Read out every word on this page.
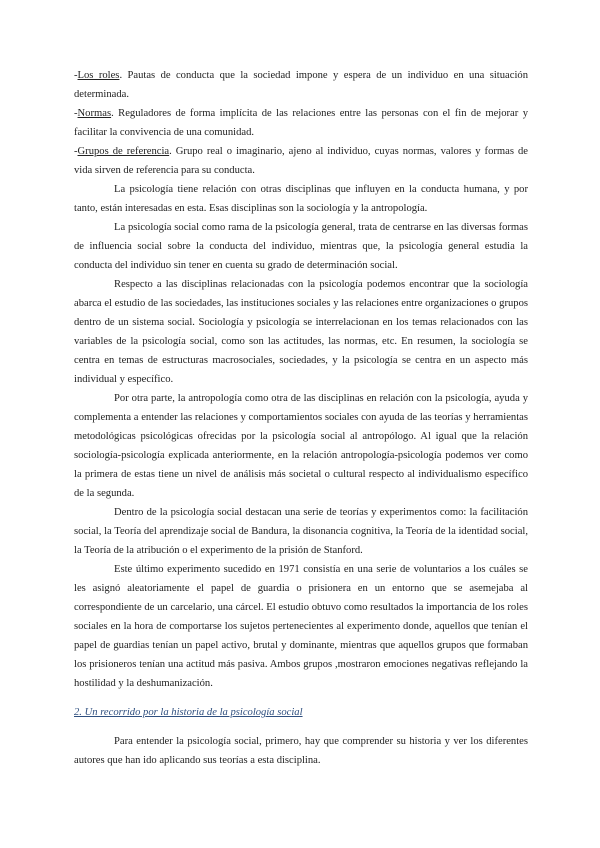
-Los roles. Pautas de conducta que la sociedad impone y espera de un individuo en una situación determinada.

-Normas. Reguladores de forma implícita de las relaciones entre las personas con el fin de mejorar y facilitar la convivencia de una comunidad.

-Grupos de referencia. Grupo real o imaginario, ajeno al individuo, cuyas normas, valores y formas de vida sirven de referencia para su conducta.

La psicología tiene relación con otras disciplinas que influyen en la conducta humana, y por tanto, están interesadas en esta. Esas disciplinas son la sociología y la antropología.

La psicología social como rama de la psicología general, trata de centrarse en las diversas formas de influencia social sobre la conducta del individuo, mientras que, la psicología general estudia la conducta del individuo sin tener en cuenta su grado de determinación social.

Respecto a las disciplinas relacionadas con la psicología podemos encontrar que la sociología abarca el estudio de las sociedades, las instituciones sociales y las relaciones entre organizaciones o grupos dentro de un sistema social. Sociología y psicología se interrelacionan en los temas relacionados con las variables de la psicología social, como son las actitudes, las normas, etc. En resumen, la sociología se centra en temas de estructuras macrosociales, sociedades, y la psicología se centra en un aspecto más individual y específico.

Por otra parte, la antropología como otra de las disciplinas en relación con la psicología, ayuda y complementa a entender las relaciones y comportamientos sociales con ayuda de las teorías y herramientas metodológicas psicológicas ofrecidas por la psicología social al antropólogo. Al igual que la relación sociología-psicología explicada anteriormente, en la relación antropología-psicología podemos ver como la primera de estas tiene un nivel de análisis más societal o cultural respecto al individualismo específico de la segunda.

Dentro de la psicología social destacan una serie de teorías y experimentos como: la facilitación social, la Teoría del aprendizaje social de Bandura, la disonancia cognitiva, la Teoría de la identidad social, la Teoría de la atribución o el experimento de la prisión de Stanford.

Este último experimento sucedido en 1971 consistía en una serie de voluntarios a los cuáles se les asignó aleatoriamente el papel de guardia o prisionera en un entorno que se asemejaba al correspondiente de un carcelario, una cárcel. El estudio obtuvo como resultados la importancia de los roles sociales en la hora de comportarse los sujetos pertenecientes al experimento donde, aquellos que tenían el papel de guardias tenían un papel activo, brutal y dominante, mientras que aquellos grupos que formaban los prisioneros tenían una actitud más pasiva. Ambos grupos ,mostraron emociones negativas reflejando la hostilidad y la deshumanización.

2. Un recorrido por la historia de la psicología social

Para entender la psicología social, primero, hay que comprender su historia y ver los diferentes autores que han ido aplicando sus teorías a esta disciplina.
